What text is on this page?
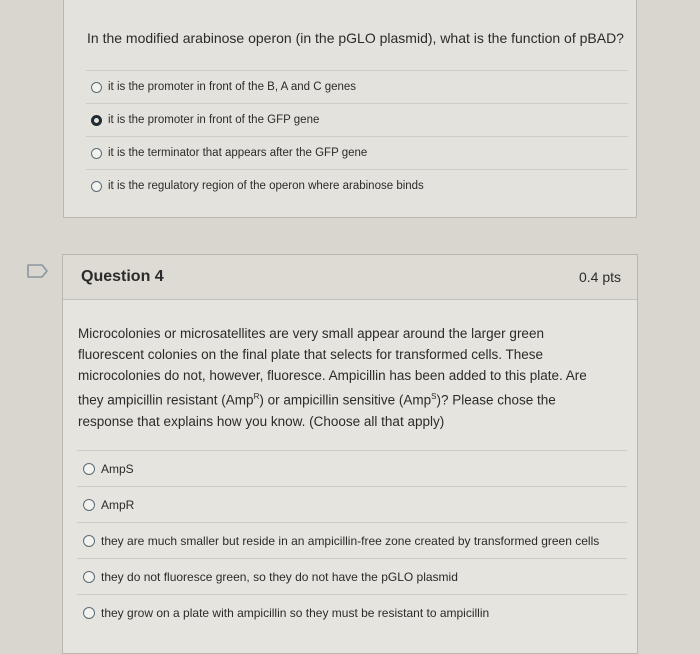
In the modified arabinose operon (in the pGLO plasmid), what is the function of pBAD?
it is the promoter in front of the B, A and C genes
it is the promoter in front of the GFP gene
it is the terminator that appears after the GFP gene
it is the regulatory region of the operon where arabinose binds
Question 4	0.4 pts

Microcolonies or microsatellites are very small appear around the larger green

fluorescent colonies on the final plate that selects for transformed cells. These

microcolonies do not, however, fluoresce. Ampicillin has been added to this plate. Are

they ampicillin resistant (Amp$^R$) or ampicillin sensitive (Amp$^S$)? Please chose the

response that explains how you know. (Choose all that apply)

AmpS
AmpR
they are much smaller but reside in an ampicillin-free zone created by transformed green cells
they do not fluoresce green, so they do not have the pGLO plasmid
they grow on a plate with ampicillin so they must be resistant to ampicillin
